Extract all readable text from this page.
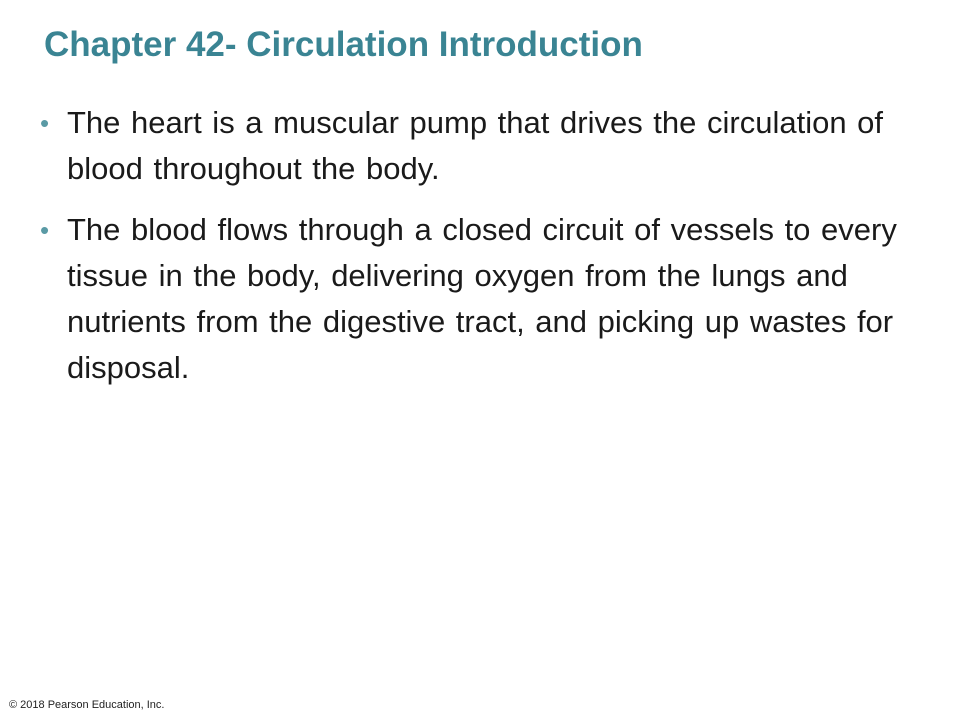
Chapter 42- Circulation Introduction
• The heart is a muscular pump that drives the circulation of blood throughout the body.
• The blood flows through a closed circuit of vessels to every tissue in the body, delivering oxygen from the lungs and nutrients from the digestive tract, and picking up wastes for disposal.

© 2018 Pearson Education, Inc.
